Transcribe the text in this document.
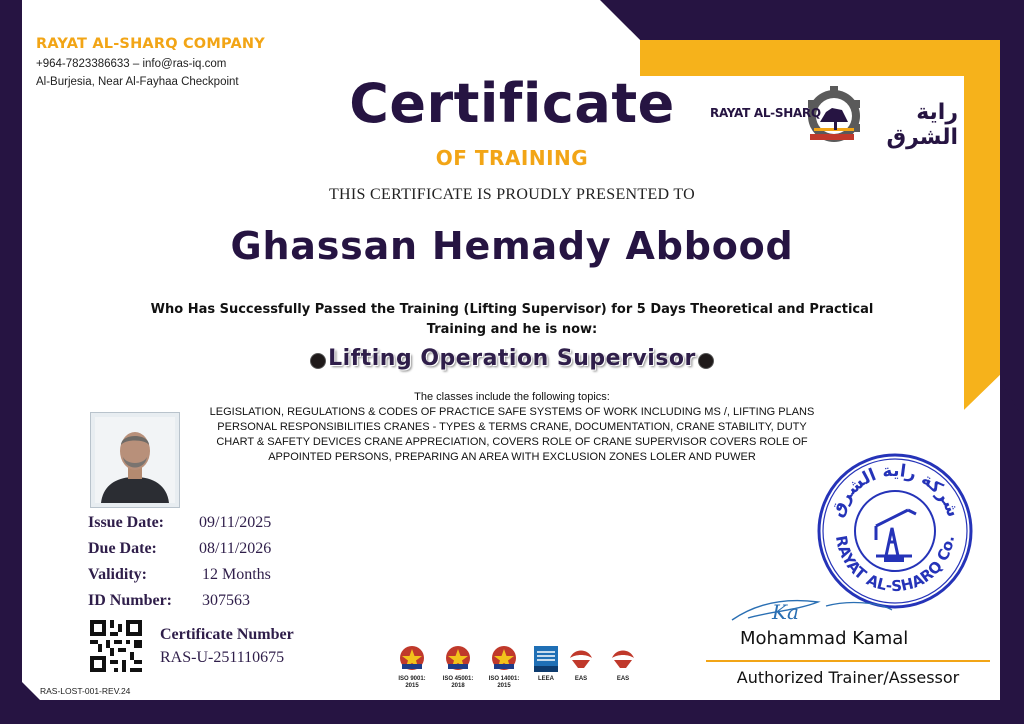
RAYAT AL-SHARQ COMPANY
+964-7823386633 – info@ras-iq.com
Al-Burjesia, Near Al-Fayhaa Checkpoint
RAYAT AL-SHARQ	راية الشرق
Certificate
OF TRAINING
THIS CERTIFICATE IS PROUDLY PRESENTED TO
Ghassan Hemady Abbood
Who Has Successfully Passed the Training (Lifting Supervisor) for 5 Days Theoretical and Practical Training and he is now:
Lifting Operation Supervisor
The classes include the following topics:
LEGISLATION, REGULATIONS & CODES OF PRACTICE SAFE SYSTEMS OF WORK INCLUDING MS /, LIFTING PLANS PERSONAL RESPONSIBILITIES CRANES - TYPES & TERMS CRANE, DOCUMENTATION, CRANE STABILITY, DUTY CHART & SAFETY DEVICES CRANE APPRECIATION, COVERS ROLE OF CRANE SUPERVISOR COVERS ROLE OF APPOINTED PERSONS, PREPARING AN AREA WITH EXCLUSION ZONES LOLER AND PUWER
Issue Date: 09/11/2025
Due Date:	08/11/2026
Validity:	12 Months
ID Number: 307563
Certificate Number
RAS-U-251110675
ISO 9001: 2015
ISO 45001: 2018
ISO 14001: 2015
LEEA	EAS	EAS
شركة راية الشرق
RAYAT AL-SHARQ Co.
Ka
Mohammad Kamal
Authorized Trainer/Assessor
RAS-LOST-001-REV.24
